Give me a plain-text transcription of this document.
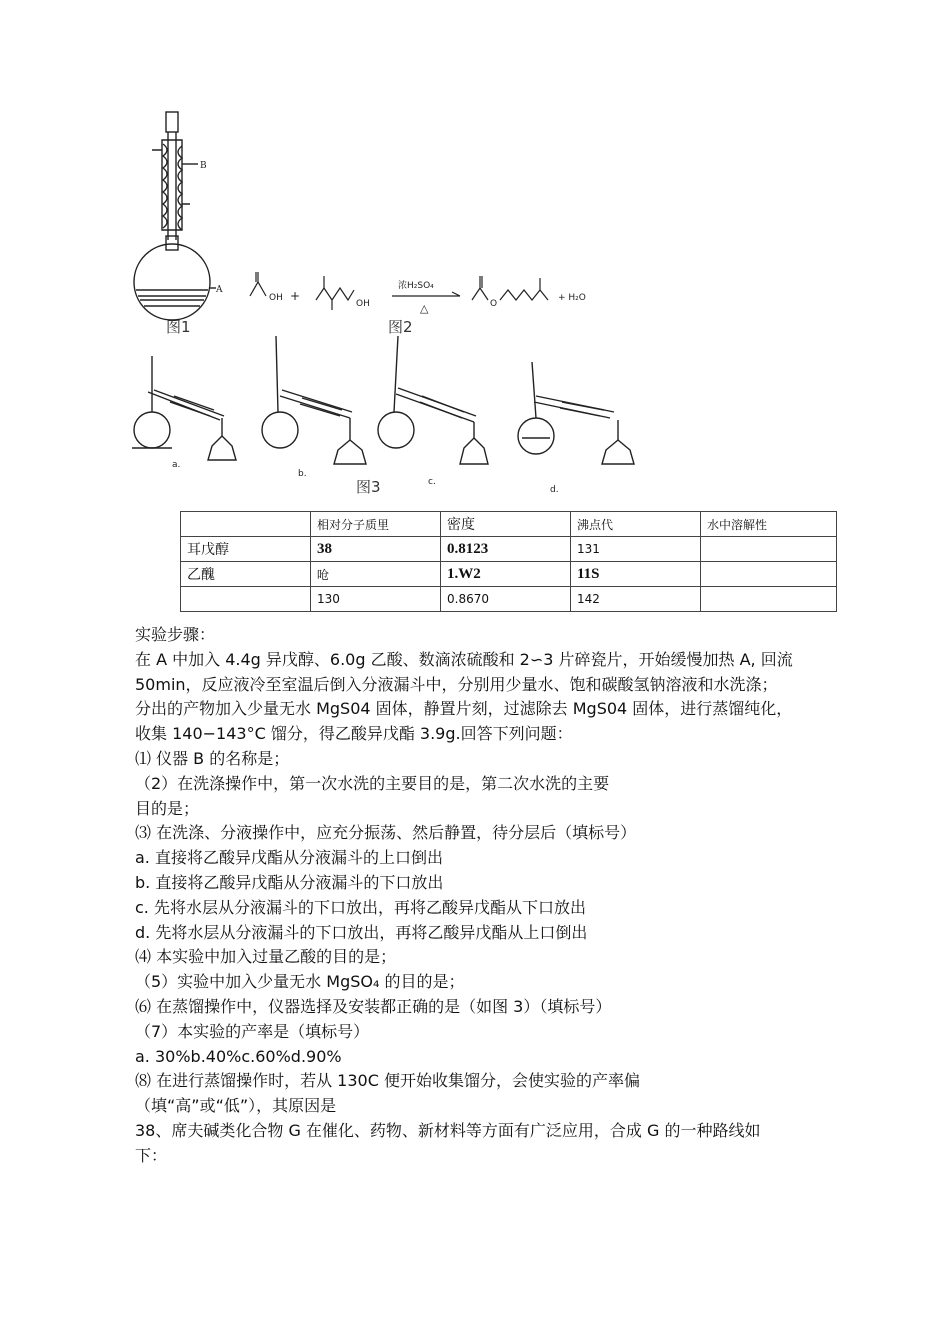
B
A
图1
OH +
OH
浓H₂SO₄
△	O
+ H₂O
图2
a.
b.
c.
d.
图3
	相对分子质里	密度	沸点代	水中溶解性
耳戊醇	38	0.8123	131	
乙醜	呛	1.W2	11S	
	130	0.8670	142	

实验步骤：

在 A 中加入 4.4g 异戊醇、6.0g 乙酸、数滴浓硫酸和 2∽3 片碎瓷片，开始缓慢加热 A, 回流

50min，反应液冷至室温后倒入分液漏斗中，分别用少量水、饱和碳酸氢钠溶液和水洗涤；

分出的产物加入少量无水 MgS04 固体，静置片刻，过滤除去 MgS04 固体，进行蒸馏纯化，

收集 140−143°C 馏分，得乙酸异戊酯 3.9g.回答下列问题：

⑴ 仪器 B 的名称是；

（2）在洗涤操作中，第一次水洗的主要目的是，第二次水洗的主要

目的是；

⑶ 在洗涤、分液操作中，应充分振荡、然后静置，待分层后（填标号）

a. 直接将乙酸异戊酯从分液漏斗的上口倒出

b. 直接将乙酸异戊酯从分液漏斗的下口放出

c. 先将水层从分液漏斗的下口放出，再将乙酸异戊酯从下口放出

d. 先将水层从分液漏斗的下口放出，再将乙酸异戊酯从上口倒出

⑷ 本实验中加入过量乙酸的目的是；

（5）实验中加入少量无水 MgSO₄ 的目的是；

⑹ 在蒸馏操作中，仪器选择及安装都正确的是（如图 3）（填标号）

（7）本实验的产率是（填标号）

a. 30%b.40%c.60%d.90%

⑻ 在进行蒸馏操作时，若从 130C 便开始收集馏分，会使实验的产率偏

（填“高”或“低”），其原因是

38、席夫碱类化合物 G 在催化、药物、新材料等方面有广泛应用，合成 G 的一种路线如

下：
